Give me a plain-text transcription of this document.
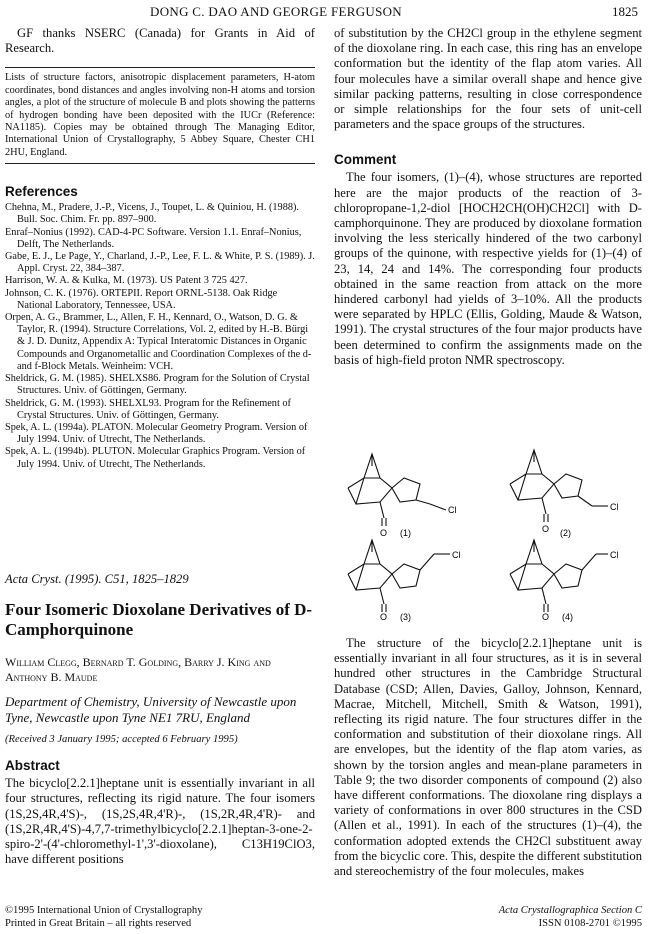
DONG C. DAO AND GEORGE FERGUSON	1825

GF thanks NSERC (Canada) for Grants in Aid of Research.

Lists of structure factors, anisotropic displacement parameters, H-atom coordinates, bond distances and angles involving non-H atoms and torsion angles, a plot of the structure of molecule B and plots showing the patterns of hydrogen bonding have been deposited with the IUCr (Reference: NA1185). Copies may be obtained through The Managing Editor, International Union of Crystallography, 5 Abbey Square, Chester CH1 2HU, England.

References

Chehna, M., Pradere, J.-P., Vicens, J., Toupet, L. & Quiniou, H. (1988). Bull. Soc. Chim. Fr. pp. 897–900.

Enraf–Nonius (1992). CAD-4-PC Software. Version 1.1. Enraf–Nonius, Delft, The Netherlands.

Gabe, E. J., Le Page, Y., Charland, J.-P., Lee, F. L. & White, P. S. (1989). J. Appl. Cryst. 22, 384–387.

Harrison, W. A. & Kulka, M. (1973). US Patent 3 725 427.

Johnson, C. K. (1976). ORTEPII. Report ORNL-5138. Oak Ridge National Laboratory, Tennessee, USA.

Orpen, A. G., Brammer, L., Allen, F. H., Kennard, O., Watson, D. G. & Taylor, R. (1994). Structure Correlations, Vol. 2, edited by H.-B. Bürgi & J. D. Dunitz, Appendix A: Typical Interatomic Distances in Organic Compounds and Organometallic and Coordination Complexes of the d- and f-Block Metals. Weinheim: VCH.

Sheldrick, G. M. (1985). SHELXS86. Program for the Solution of Crystal Structures. Univ. of Göttingen, Germany.

Sheldrick, G. M. (1993). SHELXL93. Program for the Refinement of Crystal Structures. Univ. of Göttingen, Germany.

Spek, A. L. (1994a). PLATON. Molecular Geometry Program. Version of July 1994. Univ. of Utrecht, The Netherlands.

Spek, A. L. (1994b). PLUTON. Molecular Graphics Program. Version of July 1994. Univ. of Utrecht, The Netherlands.

Acta Cryst. (1995). C51, 1825–1829

Four Isomeric Dioxolane Derivatives of D-Camphorquinone

William Clegg, Bernard T. Golding, Barry J. King and Anthony B. Maude

Department of Chemistry, University of Newcastle upon Tyne, Newcastle upon Tyne NE1 7RU, England

(Received 3 January 1995; accepted 6 February 1995)

Abstract

The bicyclo[2.2.1]heptane unit is essentially invariant in all four structures, reflecting its rigid nature. The four isomers (1S,2S,4R,4'S)-, (1S,2S,4R,4'R)-, (1S,2R,4R,4'R)- and (1S,2R,4R,4'S)-4,7,7-trimethylbicyclo[2.2.1]heptan-3-one-2-spiro-2'-(4'-chloromethyl-1',3'-dioxolane), C13H19ClO3, have different positions

©1995 International Union of Crystallography

Printed in Great Britain – all rights reserved

of substitution by the CH2Cl group in the ethylene segment of the dioxolane ring. In each case, this ring has an envelope conformation but the identity of the flap atom varies. All four molecules have a similar overall shape and hence give similar packing patterns, resulting in close correspondence or simple relationships for the four sets of unit-cell parameters and the space groups of the structures.

Comment

The four isomers, (1)–(4), whose structures are reported here are the major products of the reaction of 3-chloropropane-1,2-diol [HOCH2CH(OH)CH2Cl] with D-camphorquinone. They are produced by dioxolane formation involving the less sterically hindered of the two carbonyl groups of the quinone, with respective yields for (1)–(4) of 23, 14, 24 and 14%. The corresponding four products obtained in the same reaction from attack on the more hindered carbonyl had yields of 3–10%. All the products were separated by HPLC (Ellis, Golding, Maude & Watson, 1991). The crystal structures of the four major products have been determined to confirm the assignments made on the basis of high-field proton NMR spectroscopy.

O
Cl
(1)	O
Cl
(2)
O
Cl
(3)	O
Cl
(4)

The structure of the bicyclo[2.2.1]heptane unit is essentially invariant in all four structures, as it is in several hundred other structures in the Cambridge Structural Database (CSD; Allen, Davies, Galloy, Johnson, Kennard, Macrae, Mitchell, Mitchell, Smith & Watson, 1991), reflecting its rigid nature. The four structures differ in the conformation and substitution of their dioxolane rings. All are envelopes, but the identity of the flap atom varies, as shown by the torsion angles and mean-plane parameters in Table 9; the two disorder components of compound (2) also have different conformations. The dioxolane ring displays a variety of conformations in over 800 structures in the CSD (Allen et al., 1991). In each of the structures (1)–(4), the conformation adopted extends the CH2Cl substituent away from the bicyclic core. This, despite the different substitution and stereochemistry of the four molecules, makes

Acta Crystallographica Section C

ISSN 0108-2701 ©1995
